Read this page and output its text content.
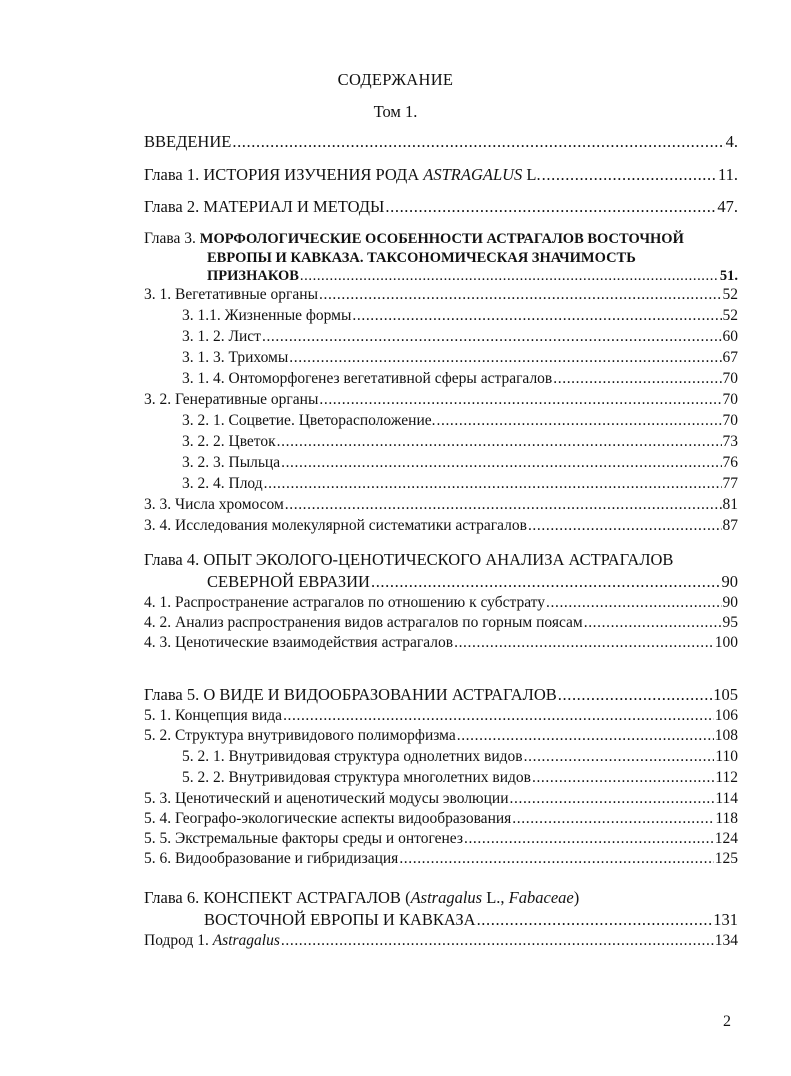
СОДЕРЖАНИЕ
Том 1.
ВВЕДЕНИЕ .....	4.
Глава 1. ИСТОРИЯ ИЗУЧЕНИЯ РОДА ASTRAGALUS L. .....	11.
Глава 2. МАТЕРИАЛ И МЕТОДЫ .....	47.
Глава 3. МОРФОЛОГИЧЕСКИЕ ОСОБЕННОСТИ АСТРАГАЛОВ ВОСТОЧНОЙ
ЕВРОПЫ И КАВКАЗА. ТАКСОНОМИЧЕСКАЯ ЗНАЧИМОСТЬ
ПРИЗНАКОВ .....	51.
3. 1. Вегетативные органы .....	52
3. 1.1. Жизненные формы .....	52
3. 1. 2. Лист .....	60
3. 1. 3. Трихомы .....	67
3. 1. 4. Онтоморфогенез вегетативной сферы астрагалов .....	70
3. 2. Генеративные органы .....	70
3. 2. 1. Соцветие. Цветорасположение. .....	70
3. 2. 2. Цветок .....	73
3. 2. 3. Пыльца .....	76
3. 2. 4. Плод .....	77
3. 3. Числа хромосом .....	81
3. 4. Исследования молекулярной систематики астрагалов .....	87
Глава 4. ОПЫТ ЭКОЛОГО-ЦЕНОТИЧЕСКОГО АНАЛИЗА АСТРАГАЛОВ
СЕВЕРНОЙ ЕВРАЗИИ .....	90
4. 1. Распространение астрагалов по отношению к субстрату .....	90
4. 2. Анализ распространения видов астрагалов по горным поясам .....	95
4. 3. Ценотические взаимодействия астрагалов .....	100
Глава 5. О ВИДЕ И ВИДООБРАЗОВАНИИ АСТРАГАЛОВ .....	105
5. 1. Концепция вида .....	106
5. 2. Структура внутривидового полиморфизма .....	108
5. 2. 1. Внутривидовая структура однолетних видов .....	110
5. 2. 2. Внутривидовая структура многолетних видов .....	112
5. 3. Ценотический и аценотический модусы эволюции .....	114
5. 4. Географо-экологические аспекты видообразования .....	118
5. 5. Экстремальные факторы среды и онтогенез .....	124
5. 6. Видообразование и гибридизация .....	125
Глава 6. КОНСПЕКТ АСТРАГАЛОВ (Astragalus L., Fabaceae)
ВОСТОЧНОЙ ЕВРОПЫ И КАВКАЗА .....	131
Подрод 1. Astragalus .....	134
2
